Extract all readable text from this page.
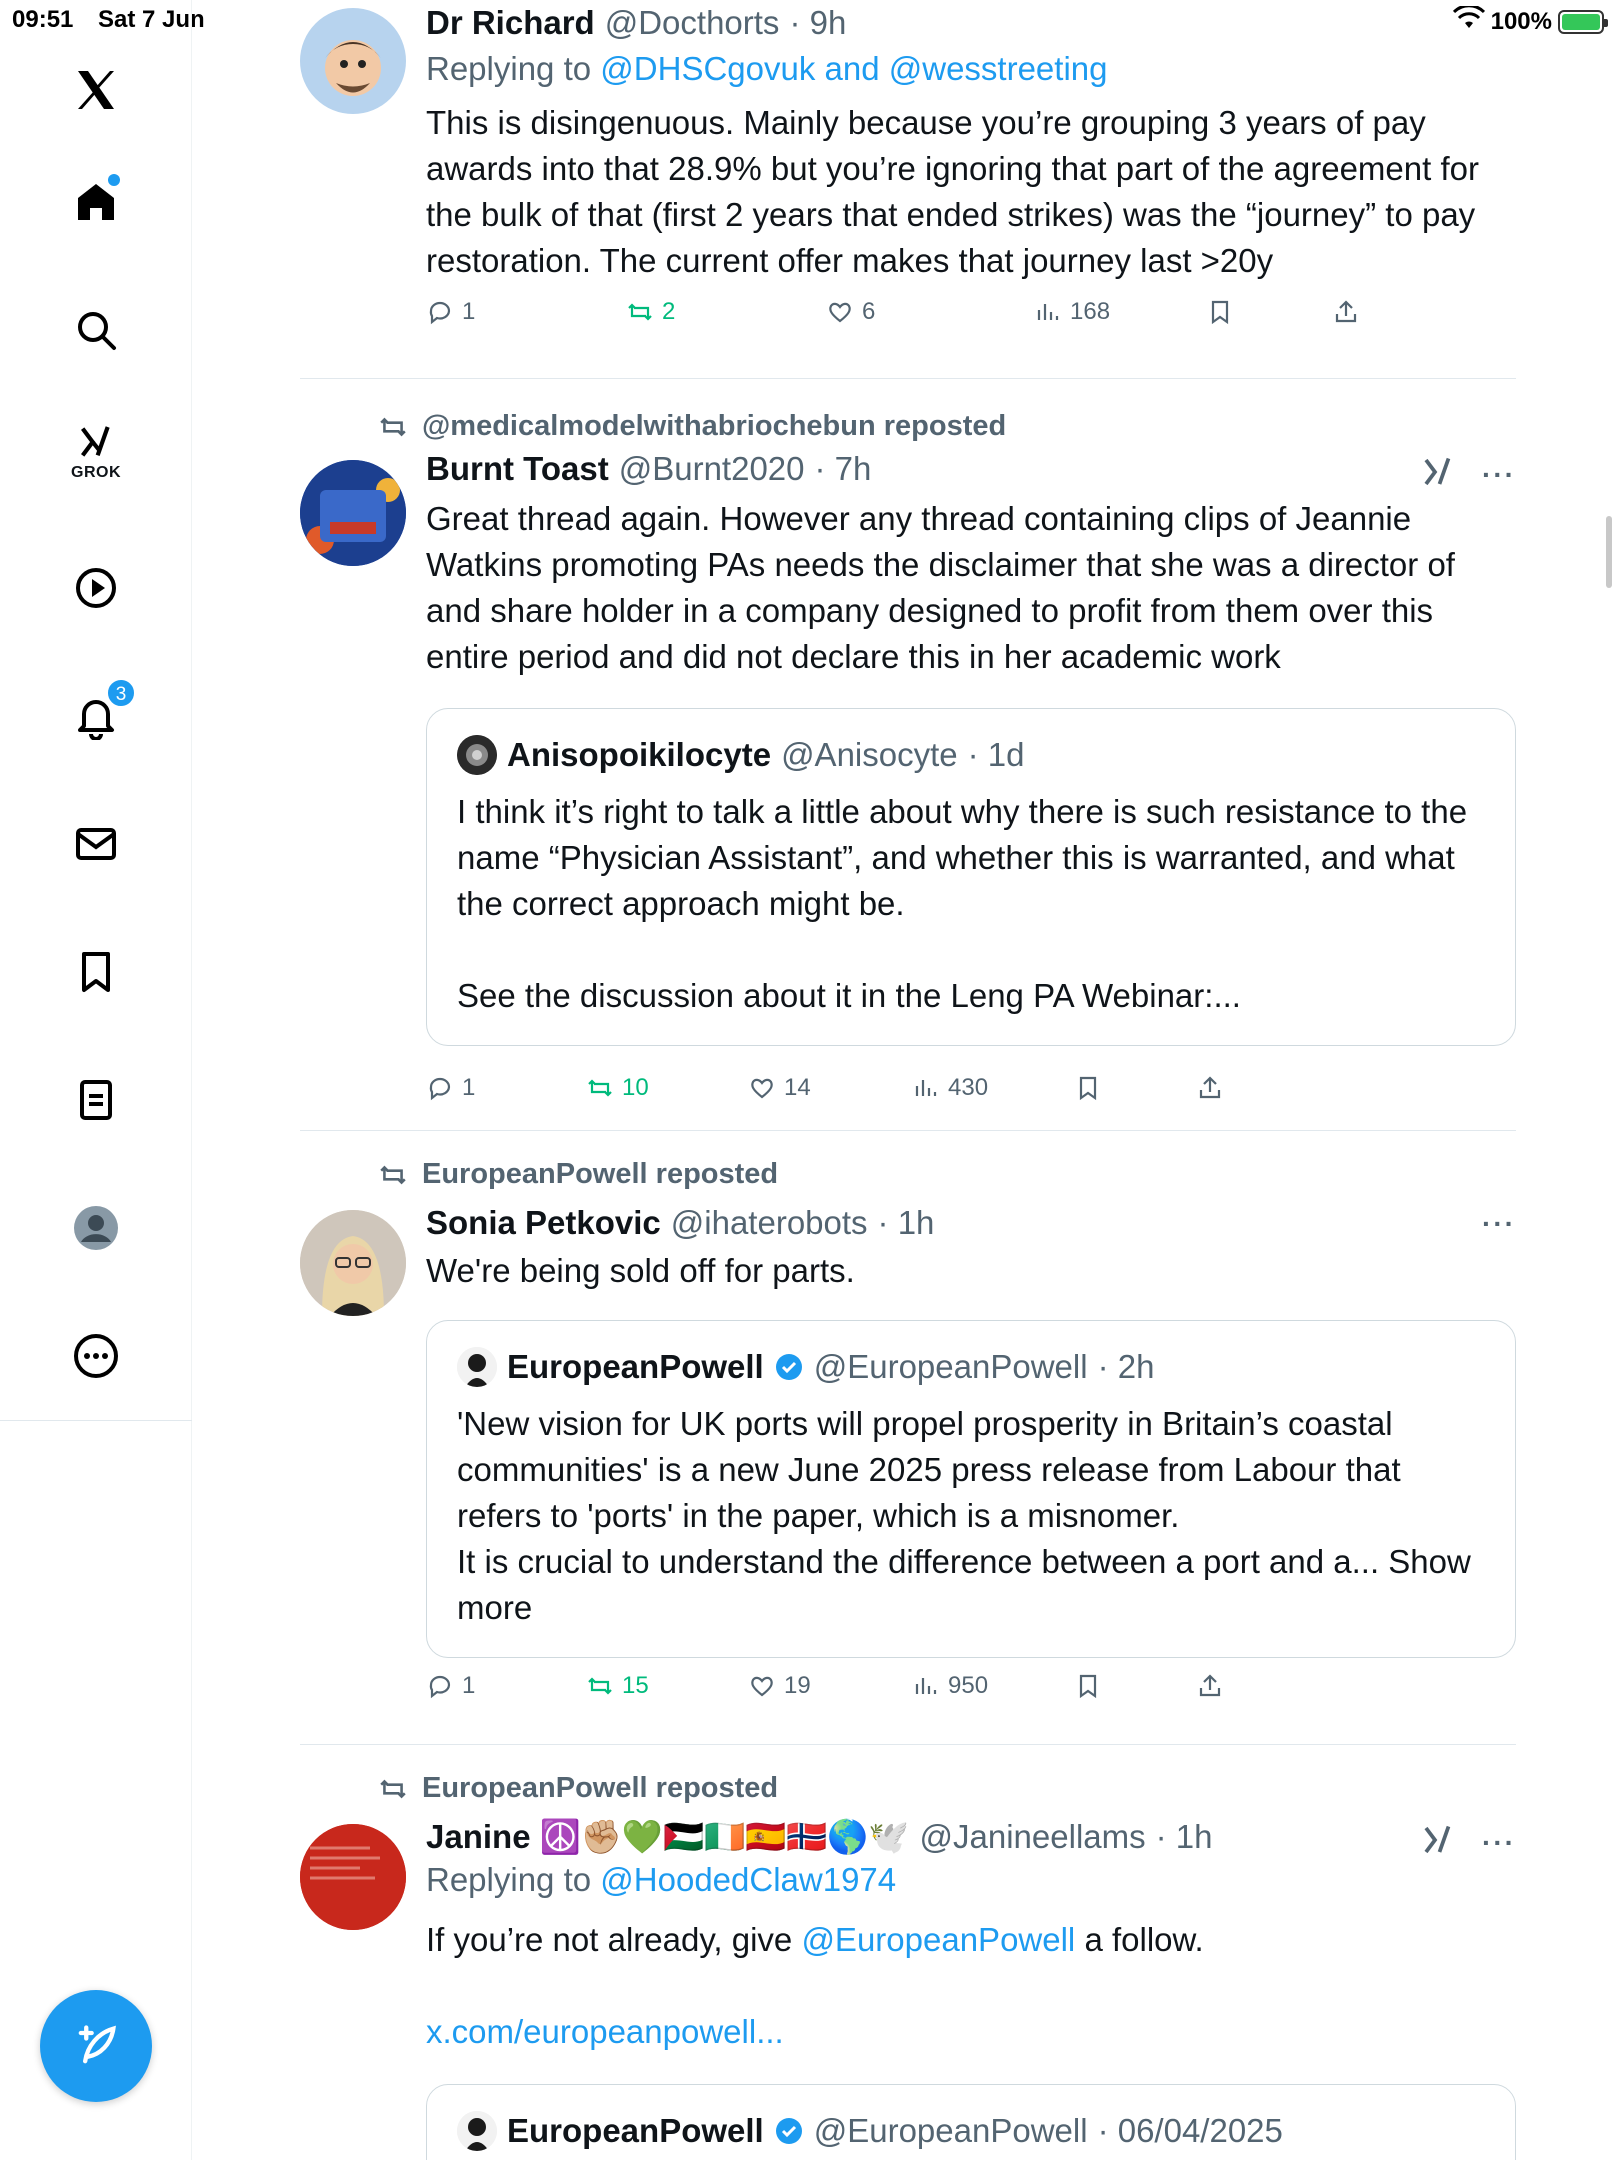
09:51 Sat 7 Jun	100%
GROK
3
Dr Richard @Docthorts · 9h
Replying to @DHSCgovuk and @wesstreeting
This is disingenuous. Mainly because you’re grouping 3 years of pay awards into that 28.9% but you’re ignoring that part of the agreement for the bulk of that (first 2 years that ended strikes) was the “journey” to pay restoration. The current offer makes that journey last >20y
1	2	6	168
@medicalmodelwithabriochebun reposted
Burnt Toast @Burnt2020 · 7h	···
Great thread again. However any thread containing clips of Jeannie Watkins promoting PAs needs the disclaimer that she was a director of and share holder in a company designed to profit from them over this entire period and did not declare this in her academic work
Anisopoikilocyte @Anisocyte · 1d

I think it’s right to talk a little about why there is such resistance to the name “Physician Assistant”, and whether this is warranted, and what the correct approach might be.

See the discussion about it in the Leng PA Webinar:...

1	10	14	430
EuropeanPowell reposted
Sonia Petkovic @ihaterobots · 1h	···
We're being sold off for parts.
EuropeanPowell @EuropeanPowell · 2h

'New vision for UK ports will propel prosperity in Britain’s coastal communities' is a new June 2025 press release from Labour that refers to 'ports' in the paper, which is a misnomer.

It is crucial to understand the difference between a port and a... Show more

1	15	19	950
EuropeanPowell reposted
Janine ☮️✊🏼💚🇵🇸🇮🇪🇪🇸🇳🇴🌎🕊️ @Janineellams · 1h	···
Replying to @HoodedClaw1974
If you’re not already, give @EuropeanPowell a follow.
x.com/europeanpowell...
EuropeanPowell @EuropeanPowell · 06/04/2025
